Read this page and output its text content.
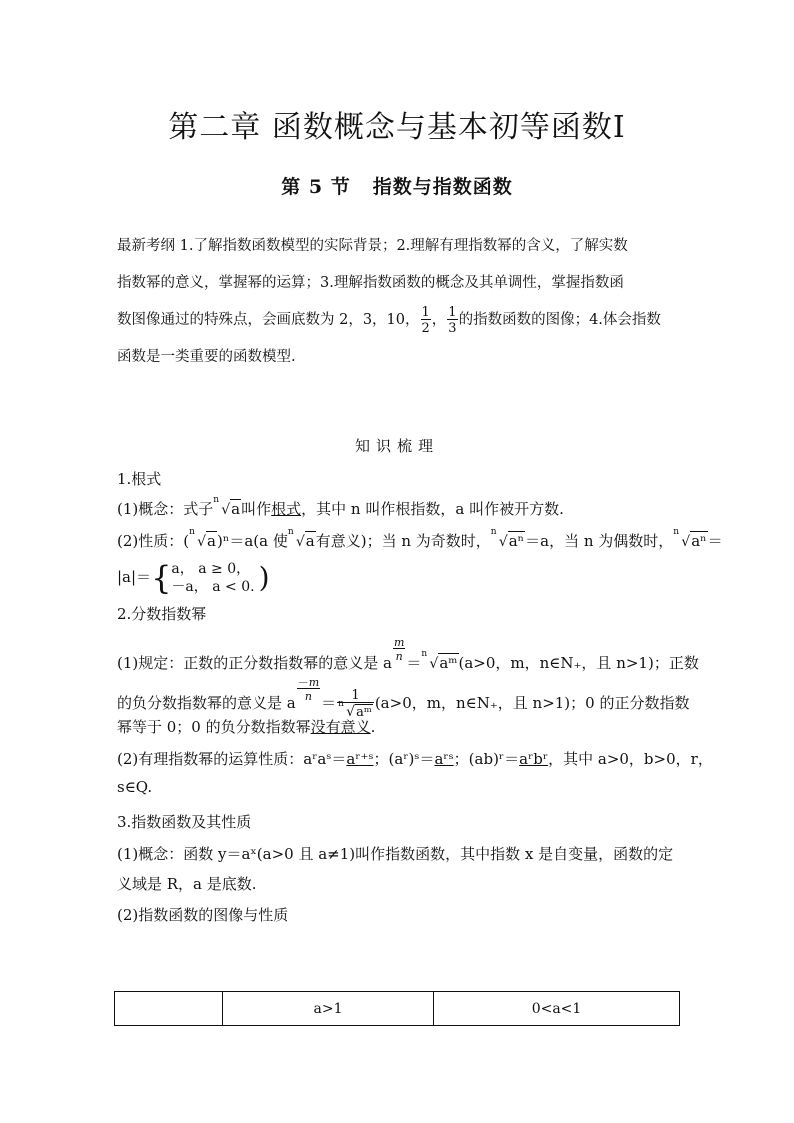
第二章 函数概念与基本初等函数Ⅰ
第 5 节 指数与指数函数
最新考纲 1.了解指数函数模型的实际背景；2.理解有理指数幂的含义，了解实数
指数幂的意义，掌握幂的运算；3.理解指数函数的概念及其单调性，掌握指数函
数图像通过的特殊点，会画底数为 2，3，10， $\frac{1}{2}$ ， $\frac{1}{3}$ 的指数函数的图像；4.体会指数
函数是一类重要的函数模型.
知识梳理
1.根式
(1)概念：式子 n
√a叫作根式，其中 n 叫作根指数，a 叫作被开方数.
(2)性质：( n
√a)ⁿ＝a(a 使 n
√a有意义)；当 n 为奇数时， n
√aⁿ＝a，当 n 为偶数时， n
√aⁿ＝
|a|＝{ a， a ≥ 0，
－a， a < 0. )
2.分数指数幂
(1)规定：正数的正分数指数幂的意义是 a
$\frac{m}{n}$
＝ n
√aᵐ(a>0，m，n∈N₊，且 n>1)；正数
的负分数指数幂的意义是 a
$\frac{-m}{n}$
＝ $\frac{1}{\text{n √aᵐ}} (a>0$，m，n∈N₊，且 n>1)；0 的正分数指数
幂等于 0；0 的负分数指数幂没有意义.
(2)有理指数幂的运算性质：aʳaˢ＝aʳ⁺ˢ；(aʳ)ˢ＝aʳˢ；(ab)ʳ＝aʳbʳ，其中 a>0，b>0，r，
s∈Q.
3.指数函数及其性质
(1)概念：函数 y＝aˣ(a>0 且 a≠1)叫作指数函数，其中指数 x 是自变量，函数的定
义域是 R，a 是底数.
(2)指数函数的图像与性质
	a>1	0<a<1
